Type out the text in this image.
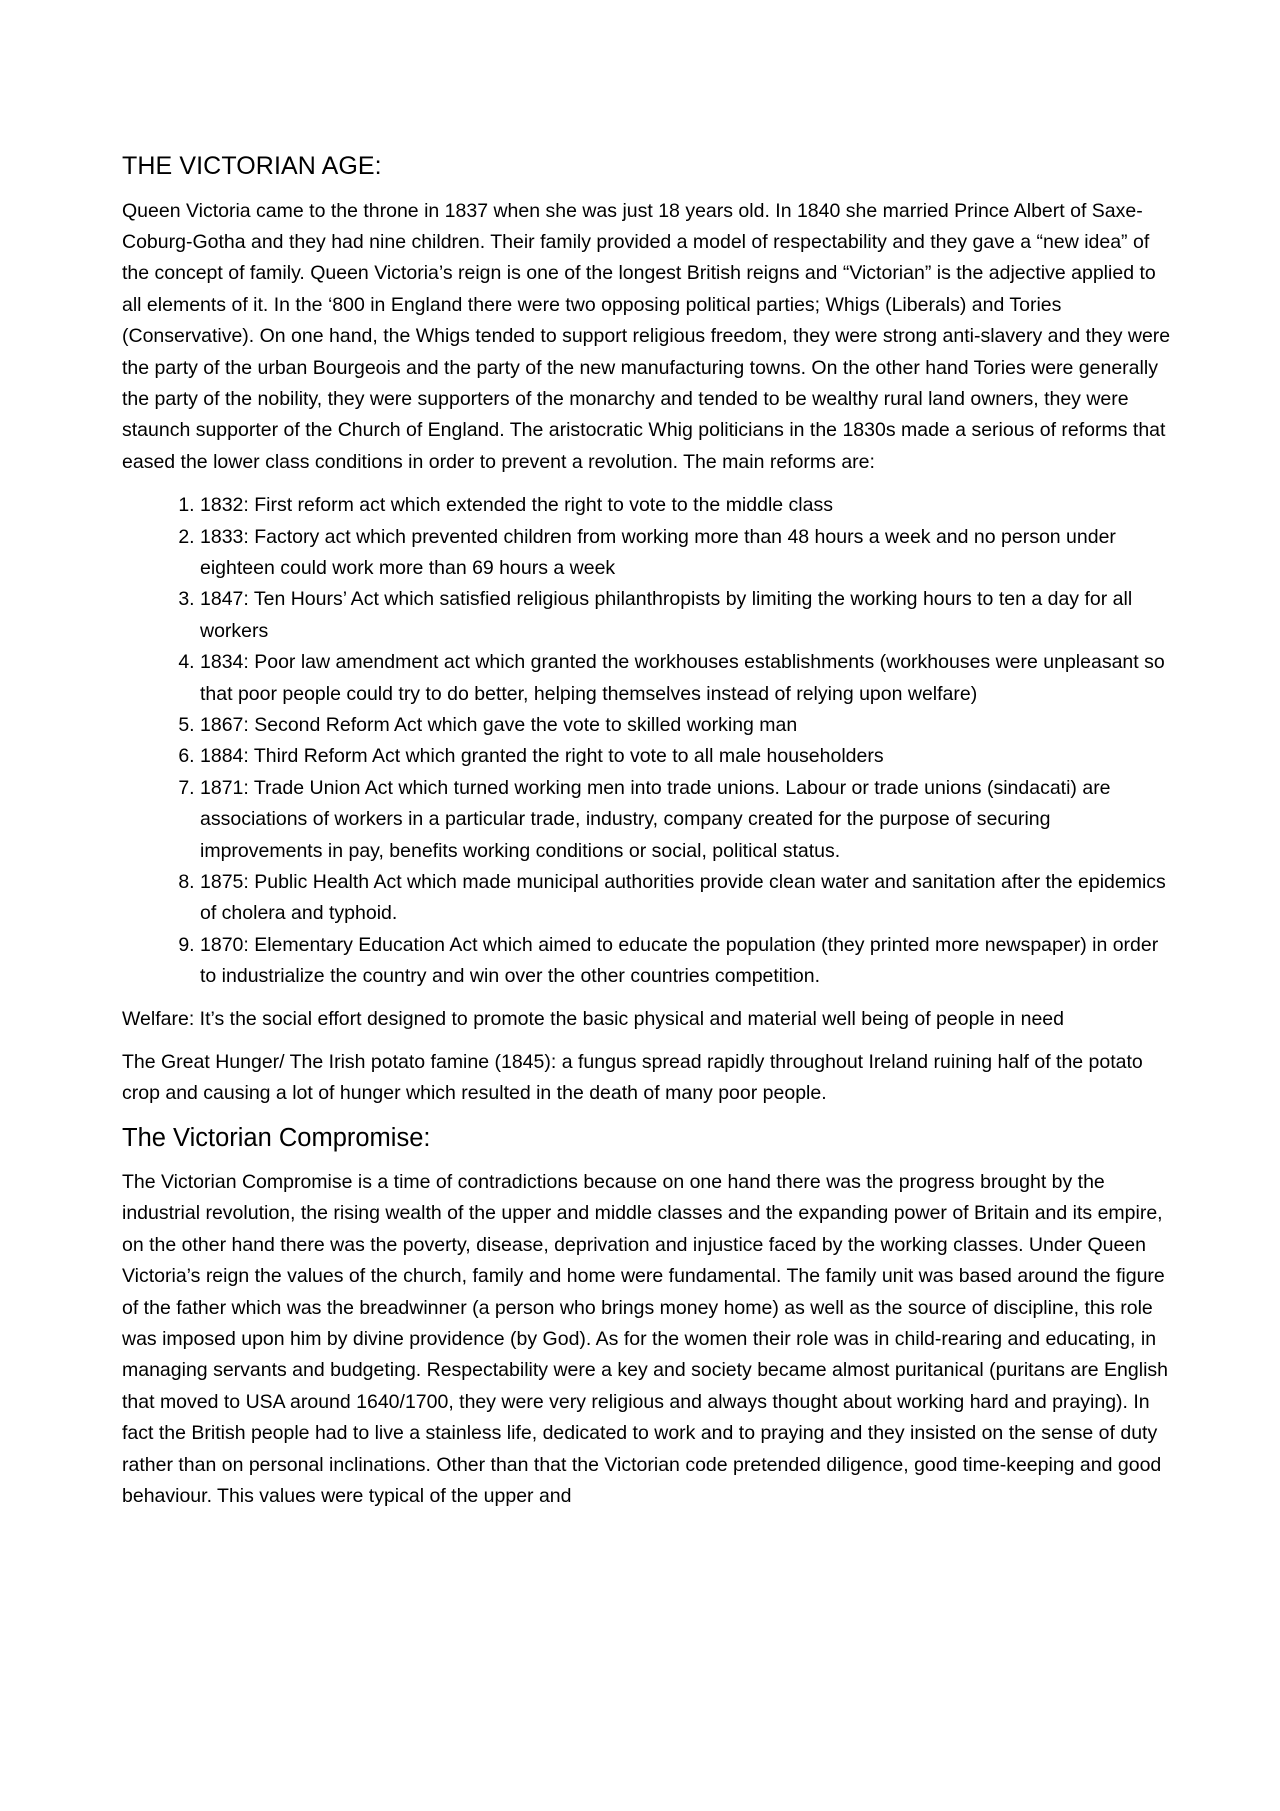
THE VICTORIAN AGE:

Queen Victoria came to the throne in 1837 when she was just 18 years old. In 1840 she married Prince Albert of Saxe-Coburg-Gotha and they had nine children. Their family provided a model of respectability and they gave a “new idea” of the concept of family. Queen Victoria’s reign is one of the longest British reigns and “Victorian” is the adjective applied to all elements of it. In the ‘800 in England there were two opposing political parties; Whigs (Liberals) and Tories (Conservative). On one hand, the Whigs tended to support religious freedom, they were strong anti-slavery and they were the party of the urban Bourgeois and the party of the new manufacturing towns. On the other hand Tories were generally the party of the nobility, they were supporters of the monarchy and tended to be wealthy rural land owners, they were staunch supporter of the Church of England. The aristocratic Whig politicians in the 1830s made a serious of reforms that eased the lower class conditions in order to prevent a revolution. The main reforms are:

1. 1832: First reform act which extended the right to vote to the middle class
2. 1833: Factory act which prevented children from working more than 48 hours a week and no person under eighteen could work more than 69 hours a week
3. 1847: Ten Hours’ Act which satisfied religious philanthropists by limiting the working hours to ten a day for all workers
4. 1834: Poor law amendment act which granted the workhouses establishments (workhouses were unpleasant so that poor people could try to do better, helping themselves instead of relying upon welfare)
5. 1867: Second Reform Act which gave the vote to skilled working man
6. 1884: Third Reform Act which granted the right to vote to all male householders
7. 1871: Trade Union Act which turned working men into trade unions. Labour or trade unions (sindacati) are associations of workers in a particular trade, industry, company created for the purpose of securing improvements in pay, benefits working conditions or social, political status.
8. 1875: Public Health Act which made municipal authorities provide clean water and sanitation after the epidemics of cholera and typhoid.
9. 1870: Elementary Education Act which aimed to educate the population (they printed more newspaper) in order to industrialize the country and win over the other countries competition.

Welfare: It’s the social effort designed to promote the basic physical and material well being of people in need

The Great Hunger/ The Irish potato famine (1845): a fungus spread rapidly throughout Ireland ruining half of the potato crop and causing a lot of hunger which resulted in the death of many poor people.

The Victorian Compromise:

The Victorian Compromise is a time of contradictions because on one hand there was the progress brought by the industrial revolution, the rising wealth of the upper and middle classes and the expanding power of Britain and its empire, on the other hand there was the poverty, disease, deprivation and injustice faced by the working classes. Under Queen Victoria’s reign the values of the church, family and home were fundamental. The family unit was based around the figure of the father which was the breadwinner (a person who brings money home) as well as the source of discipline, this role was imposed upon him by divine providence (by God). As for the women their role was in child-rearing and educating, in managing servants and budgeting. Respectability were a key and society became almost puritanical (puritans are English that moved to USA around 1640/1700, they were very religious and always thought about working hard and praying). In fact the British people had to live a stainless life, dedicated to work and to praying and they insisted on the sense of duty rather than on personal inclinations. Other than that the Victorian code pretended diligence, good time-keeping and good behaviour. This values were typical of the upper and
